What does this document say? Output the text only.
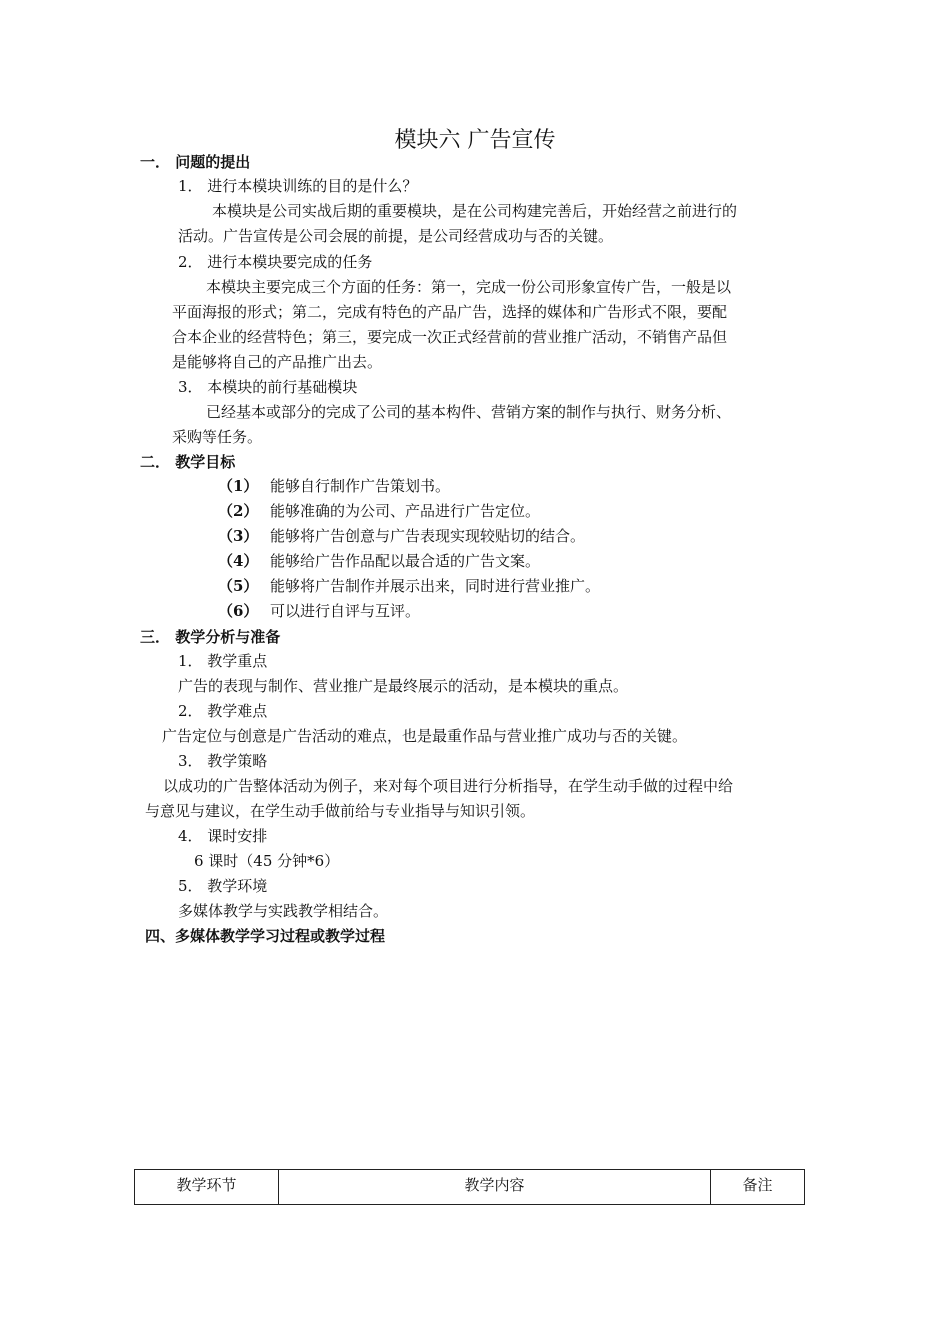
模块六 广告宣传
一． 问题的提出
1． 进行本模块训练的目的是什么？
本模块是公司实战后期的重要模块，是在公司构建完善后，开始经营之前进行的
活动。广告宣传是公司会展的前提，是公司经营成功与否的关键。
2． 进行本模块要完成的任务
本模块主要完成三个方面的任务：第一，完成一份公司形象宣传广告，一般是以
平面海报的形式；第二，完成有特色的产品广告，选择的媒体和广告形式不限，要配
合本企业的经营特色；第三，要完成一次正式经营前的营业推广活动，不销售产品但
是能够将自己的产品推广出去。
3． 本模块的前行基础模块
已经基本或部分的完成了公司的基本构件、营销方案的制作与执行、财务分析、
采购等任务。
二． 教学目标
（1） 能够自行制作广告策划书。
（2） 能够准确的为公司、产品进行广告定位。
（3） 能够将广告创意与广告表现实现较贴切的结合。
（4） 能够给广告作品配以最合适的广告文案。
（5） 能够将广告制作并展示出来，同时进行营业推广。
（6） 可以进行自评与互评。
三． 教学分析与准备
1． 教学重点
广告的表现与制作、营业推广是最终展示的活动，是本模块的重点。
2． 教学难点
广告定位与创意是广告活动的难点，也是最重作品与营业推广成功与否的关键。
3． 教学策略
以成功的广告整体活动为例子，来对每个项目进行分析指导，在学生动手做的过程中给
与意见与建议，在学生动手做前给与专业指导与知识引领。
4． 课时安排
6 课时（45 分钟*6）
5． 教学环境
多媒体教学与实践教学相结合。
四、多媒体教学学习过程或教学过程
教学环节	教学内容	备注
